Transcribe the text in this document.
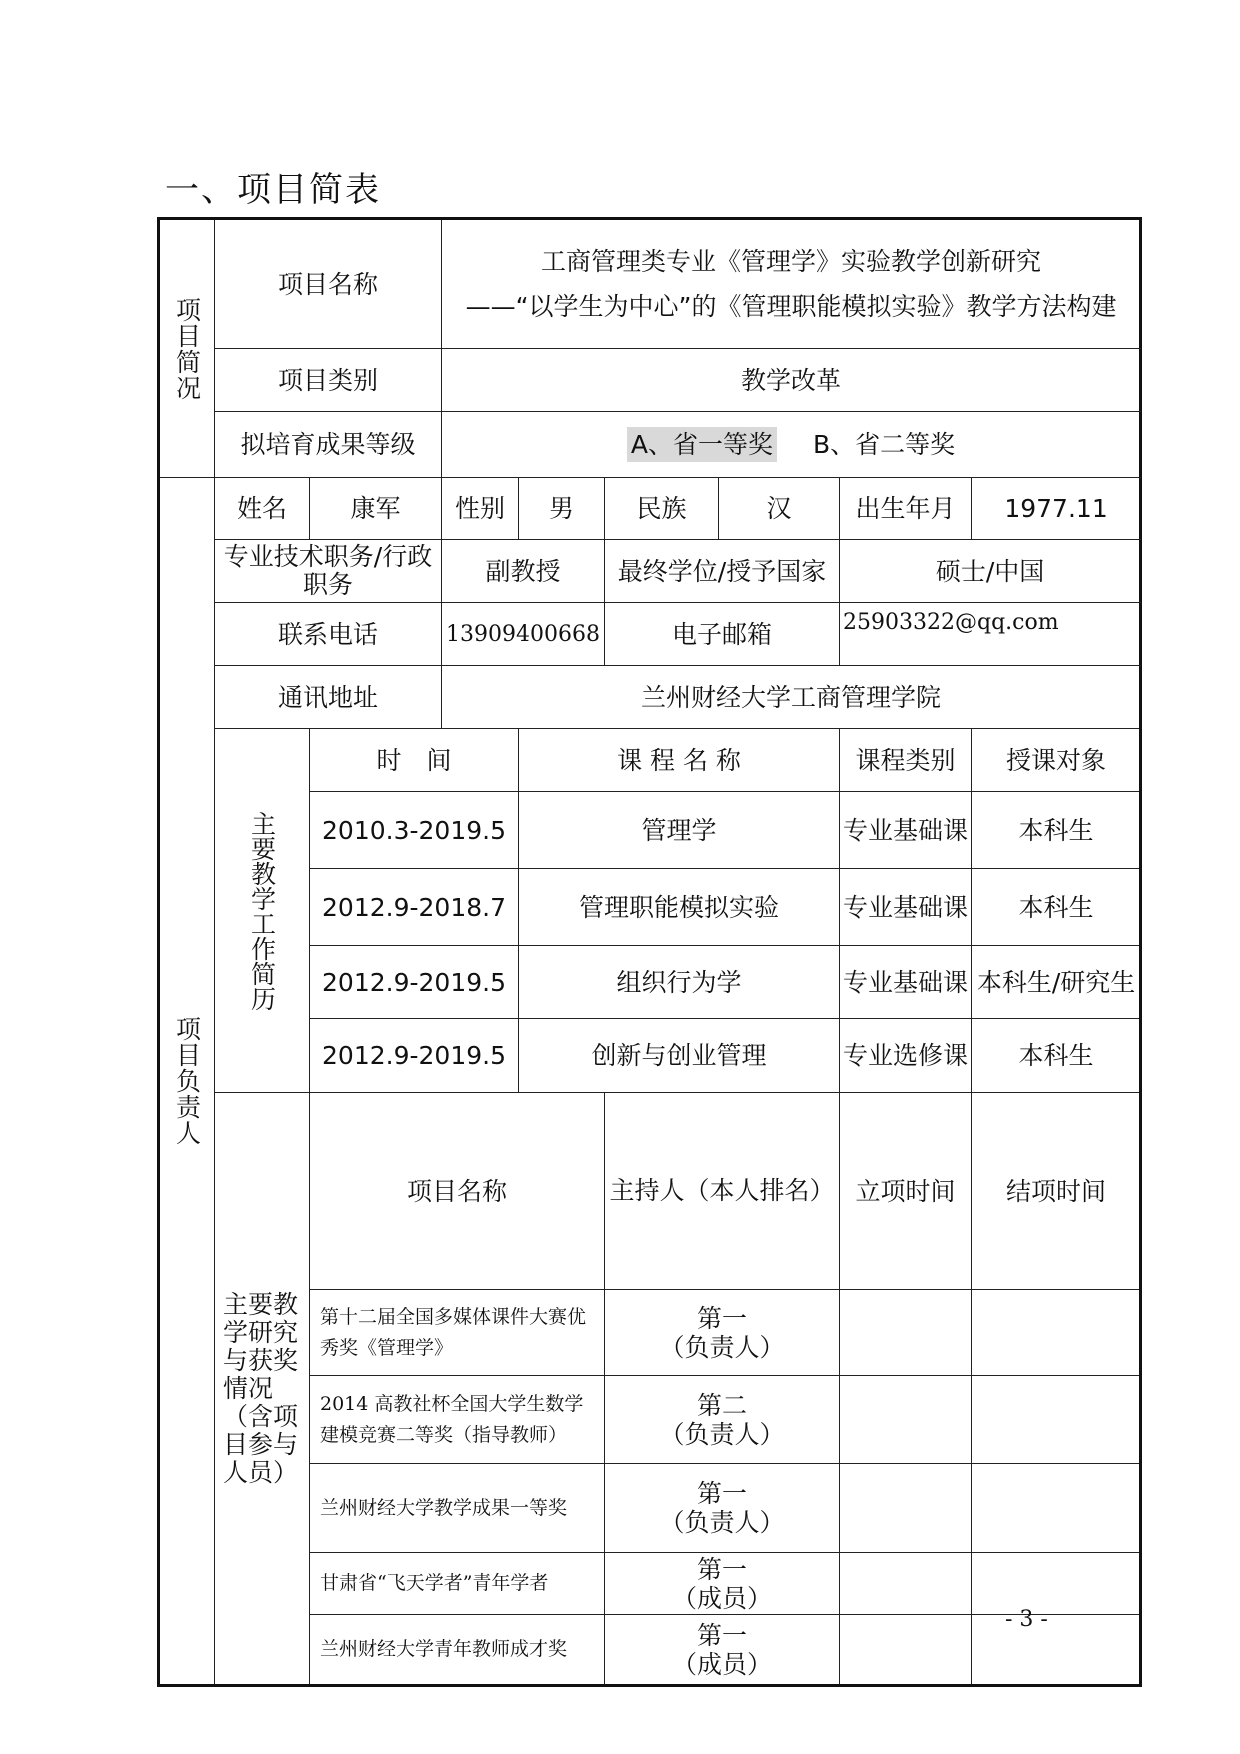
一、项目简表
项目简况	项目名称		工商管理类专业《管理学》实验教学创新研究
——“以学生为中心”的《管理职能模拟实验》教学方法构建						

	项目类别		教学改革						
	拟培育成果等级		A、省一等奖 B、省二等奖						

项目负责人	姓名	康军	性别	男	民族	汉	出生年月	1977.11	
	专业技术职务/行政职务		副教授		最终学位/授予国家		硕士/中国		
	联系电话		13909400668		电子邮箱		25903322@qq.com		

	通讯地址		兰州财经大学工商管理学院						

	主要教学工作简历	时　间		课 程 名 称			课程类别	授课对象	
		2010.3-2019.5		管理学			专业基础课	本科生	
		2012.9-2018.7		管理职能模拟实验			专业基础课	本科生	
		2012.9-2019.5		组织行为学			专业基础课	本科生/研究生	
		2012.9-2019.5		创新与创业管理			专业选修课	本科生	
	主要教学研究与获奖情况（含项目参与人员）	项目名称			主持人（本人排名）		立项时间	结项时间	
		第十二届全国多媒体课件大赛优秀奖《管理学》			第一
（负责人）

		2014 高教社杯全国大学生数学建模竞赛二等奖（指导教师）			第二
（负责人）

		兰州财经大学教学成果一等奖			第一
（负责人）

		甘肃省“飞天学者”青年学者			第一
（成员）

		兰州财经大学青年教师成才奖			第一
（成员）

- 3 -
